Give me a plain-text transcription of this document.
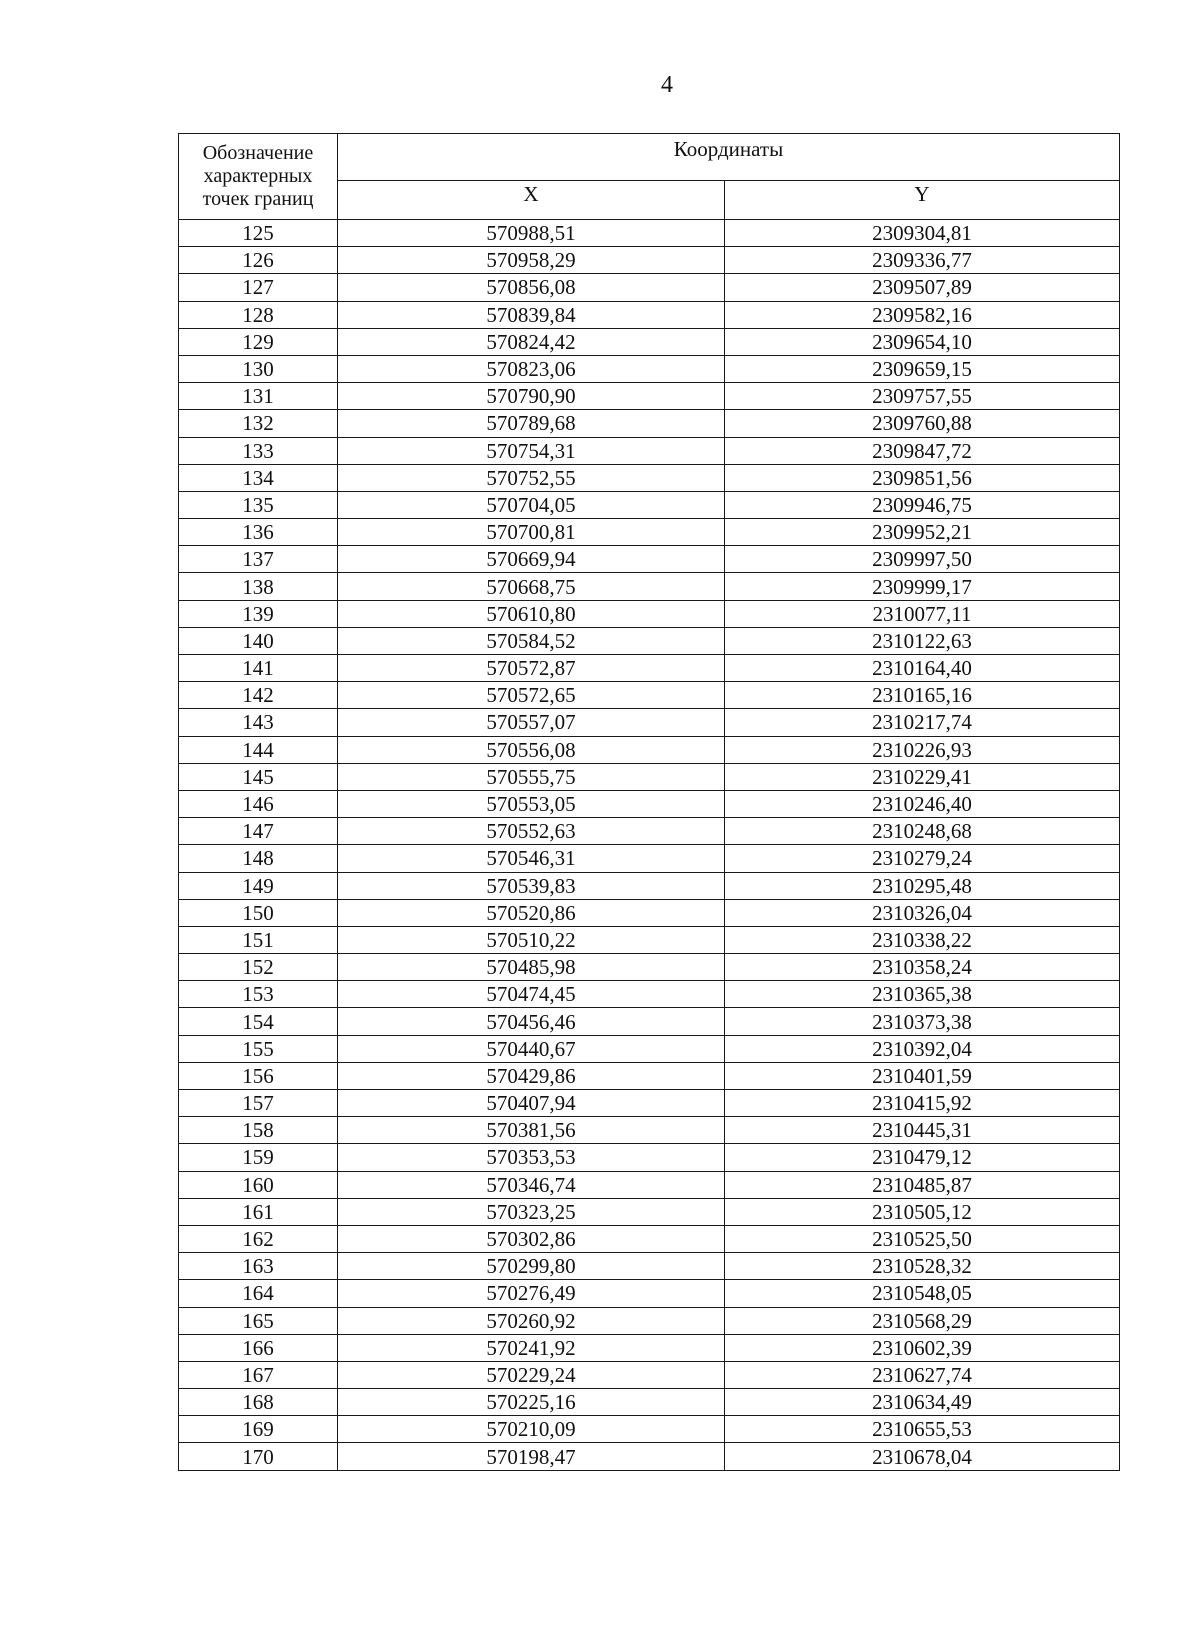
4
Обозначение характерных точек границ	Координаты	
	X	Y
125	570988,51	2309304,81
126	570958,29	2309336,77
127	570856,08	2309507,89
128	570839,84	2309582,16
129	570824,42	2309654,10
130	570823,06	2309659,15
131	570790,90	2309757,55
132	570789,68	2309760,88
133	570754,31	2309847,72
134	570752,55	2309851,56
135	570704,05	2309946,75
136	570700,81	2309952,21
137	570669,94	2309997,50
138	570668,75	2309999,17
139	570610,80	2310077,11
140	570584,52	2310122,63
141	570572,87	2310164,40
142	570572,65	2310165,16
143	570557,07	2310217,74
144	570556,08	2310226,93
145	570555,75	2310229,41
146	570553,05	2310246,40
147	570552,63	2310248,68
148	570546,31	2310279,24
149	570539,83	2310295,48
150	570520,86	2310326,04
151	570510,22	2310338,22
152	570485,98	2310358,24
153	570474,45	2310365,38
154	570456,46	2310373,38
155	570440,67	2310392,04
156	570429,86	2310401,59
157	570407,94	2310415,92
158	570381,56	2310445,31
159	570353,53	2310479,12
160	570346,74	2310485,87
161	570323,25	2310505,12
162	570302,86	2310525,50
163	570299,80	2310528,32
164	570276,49	2310548,05
165	570260,92	2310568,29
166	570241,92	2310602,39
167	570229,24	2310627,74
168	570225,16	2310634,49
169	570210,09	2310655,53
170	570198,47	2310678,04
